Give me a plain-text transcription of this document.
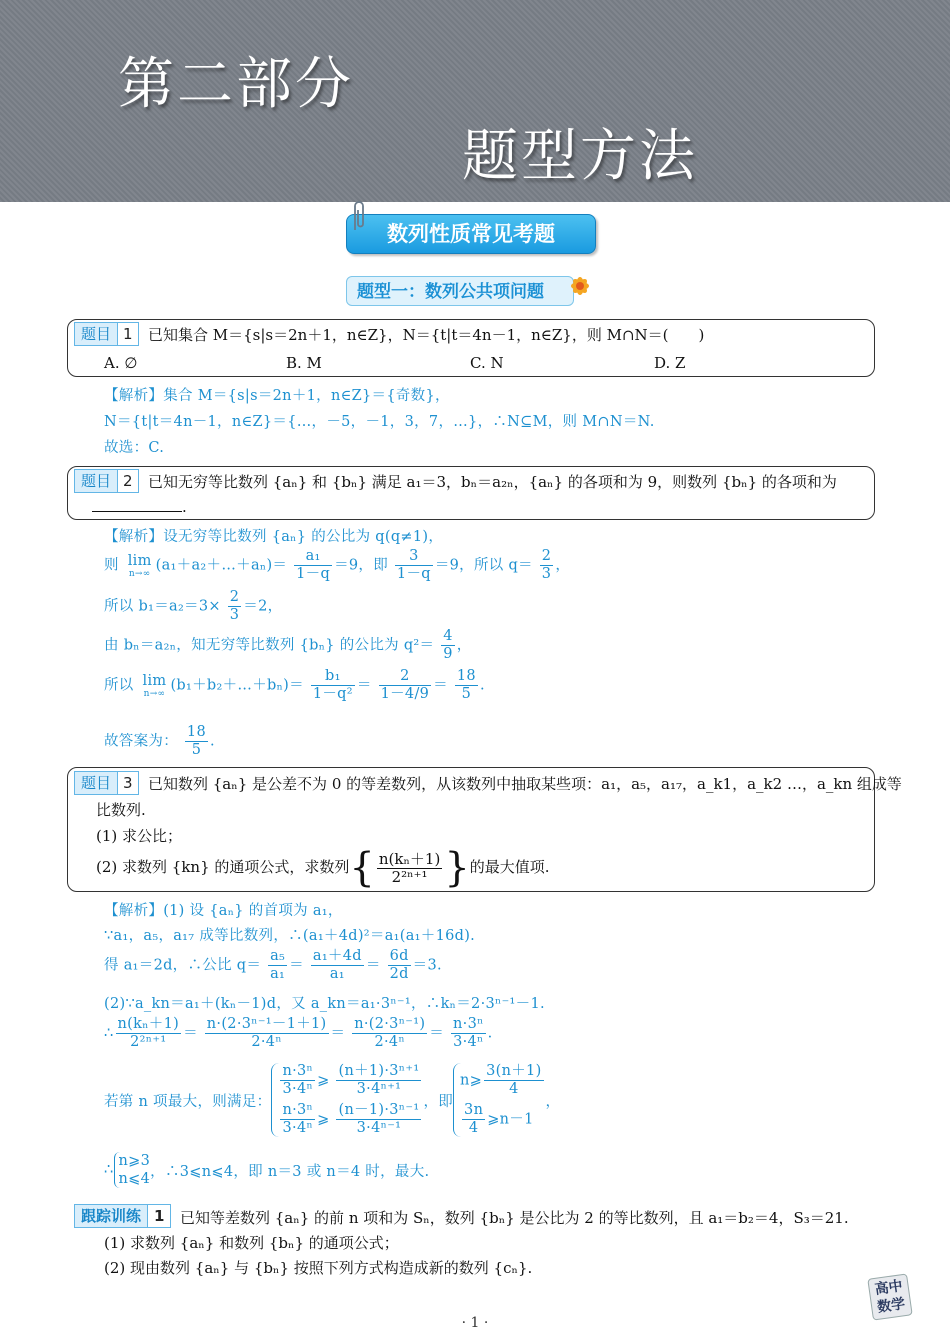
第二部分
题型方法
数列性质常见考题
题型一：数列公共项问题
题目 1	已知集合 M＝{s|s＝2n＋1，n∈Z}，N＝{t|t＝4n－1，n∈Z}，则 M∩N＝(　　)
A. ∅	B. M	C. N	D. Z
【解析】集合 M＝{s|s＝2n＋1，n∈Z}＝{奇数}，
N＝{t|t＝4n－1，n∈Z}＝{…，－5，－1，3，7，…}，∴N⊆M，则 M∩N＝N.
故选：C.
题目 2	已知无穷等比数列 {aₙ} 和 {bₙ} 满足 a₁＝3，bₙ＝a₂ₙ，{aₙ} 的各项和为 9，则数列 {bₙ} 的各项和为
.
【解析】设无穷等比数列 {aₙ} 的公比为 q(q≠1)，
则 lim
n→∞ (a₁＋a₂＋…＋aₙ)＝ $\frac{\text{a₁}}{1-q} =9$，即 $\frac{3}{1-q} =9$，所以 $q= \frac{2}{3}$ ，
所以 $b_1=a_2=3\times \frac{2}{3} =2$，
由 bₙ＝a₂ₙ，知无穷等比数列 {bₙ} 的公比为 $q^2= \frac{4}{9}$ ，
所以 lim
n→∞ (b₁＋b₂＋…＋bₙ)＝ $\frac{\text{b₁}}{\text{1－q²}} = \frac{2}{1-4/9} = \frac{18}{5}$ .
故答案为： $\frac{18}{5}$ .
题目 3	已知数列 {aₙ} 是公差不为 0 的等差数列，从该数列中抽取某些项：a₁，a₅，a₁₇，a_k1，a_k2 …，a_kn 组成等
比数列.
(1) 求公比；
(2) 求数列 {kn} 的通项公式，求数列{ $\frac{\text{n(kₙ＋1)}}{\text{2²ⁿ⁺¹}}$ }的最大值项.
【解析】(1) 设 {aₙ} 的首项为 a₁，
∵a₁，a₅，a₁₇ 成等比数列，∴(a₁＋4d)²＝a₁(a₁＋16d).
得 a₁＝2d，∴公比 $q= \frac{\text{a₅}}{\text{a₁}} = \frac{\text{a₁＋4d}}{\text{a₁}} = \frac{6d}{2d} =3$.
(2)∵a_kn＝a₁＋(kₙ－1)d，又 a_kn＝a₁·3ⁿ⁻¹，∴kₙ＝2·3ⁿ⁻¹－1.
∴ $\frac{\text{n(kₙ＋1)}}{\text{2²ⁿ⁺¹}} = \frac{\text{n·(2·3ⁿ⁻¹－1＋1)}}{\text{2·4ⁿ}} = \frac{\text{n·(2·3ⁿ⁻¹)}}{\text{2·4ⁿ}} = \frac{\text{n·3ⁿ}}{\text{3·4ⁿ}}$ .
若第 n 项最大，则满足：
$\frac{\text{n·3ⁿ}}{\text{3·4ⁿ}}$ ⩾ $\frac{\text{(n＋1)·3ⁿ⁺¹}}{\text{3·4ⁿ⁺¹}}$
$\frac{\text{n·3ⁿ}}{\text{3·4ⁿ}}$ ⩾ $\frac{\text{(n－1)·3ⁿ⁻¹}}{\text{3·4ⁿ⁻¹}}$
，即
n⩾ $\frac{3(n+1)}{4}$
$\frac{3n}{4}$ ⩾n－1
，
∴
n⩾3
n⩽4 ，∴3⩽n⩽4，即 n＝3 或 n＝4 时，最大.
跟踪训练 1	已知等差数列 {aₙ} 的前 n 项和为 Sₙ，数列 {bₙ} 是公比为 2 的等比数列，且 a₁＝b₂＝4，S₃＝21.
(1) 求数列 {aₙ} 和数列 {bₙ} 的通项公式；
(2) 现由数列 {aₙ} 与 {bₙ} 按照下列方式构造成新的数列 {cₙ}.
高中数学
· 1 ·
